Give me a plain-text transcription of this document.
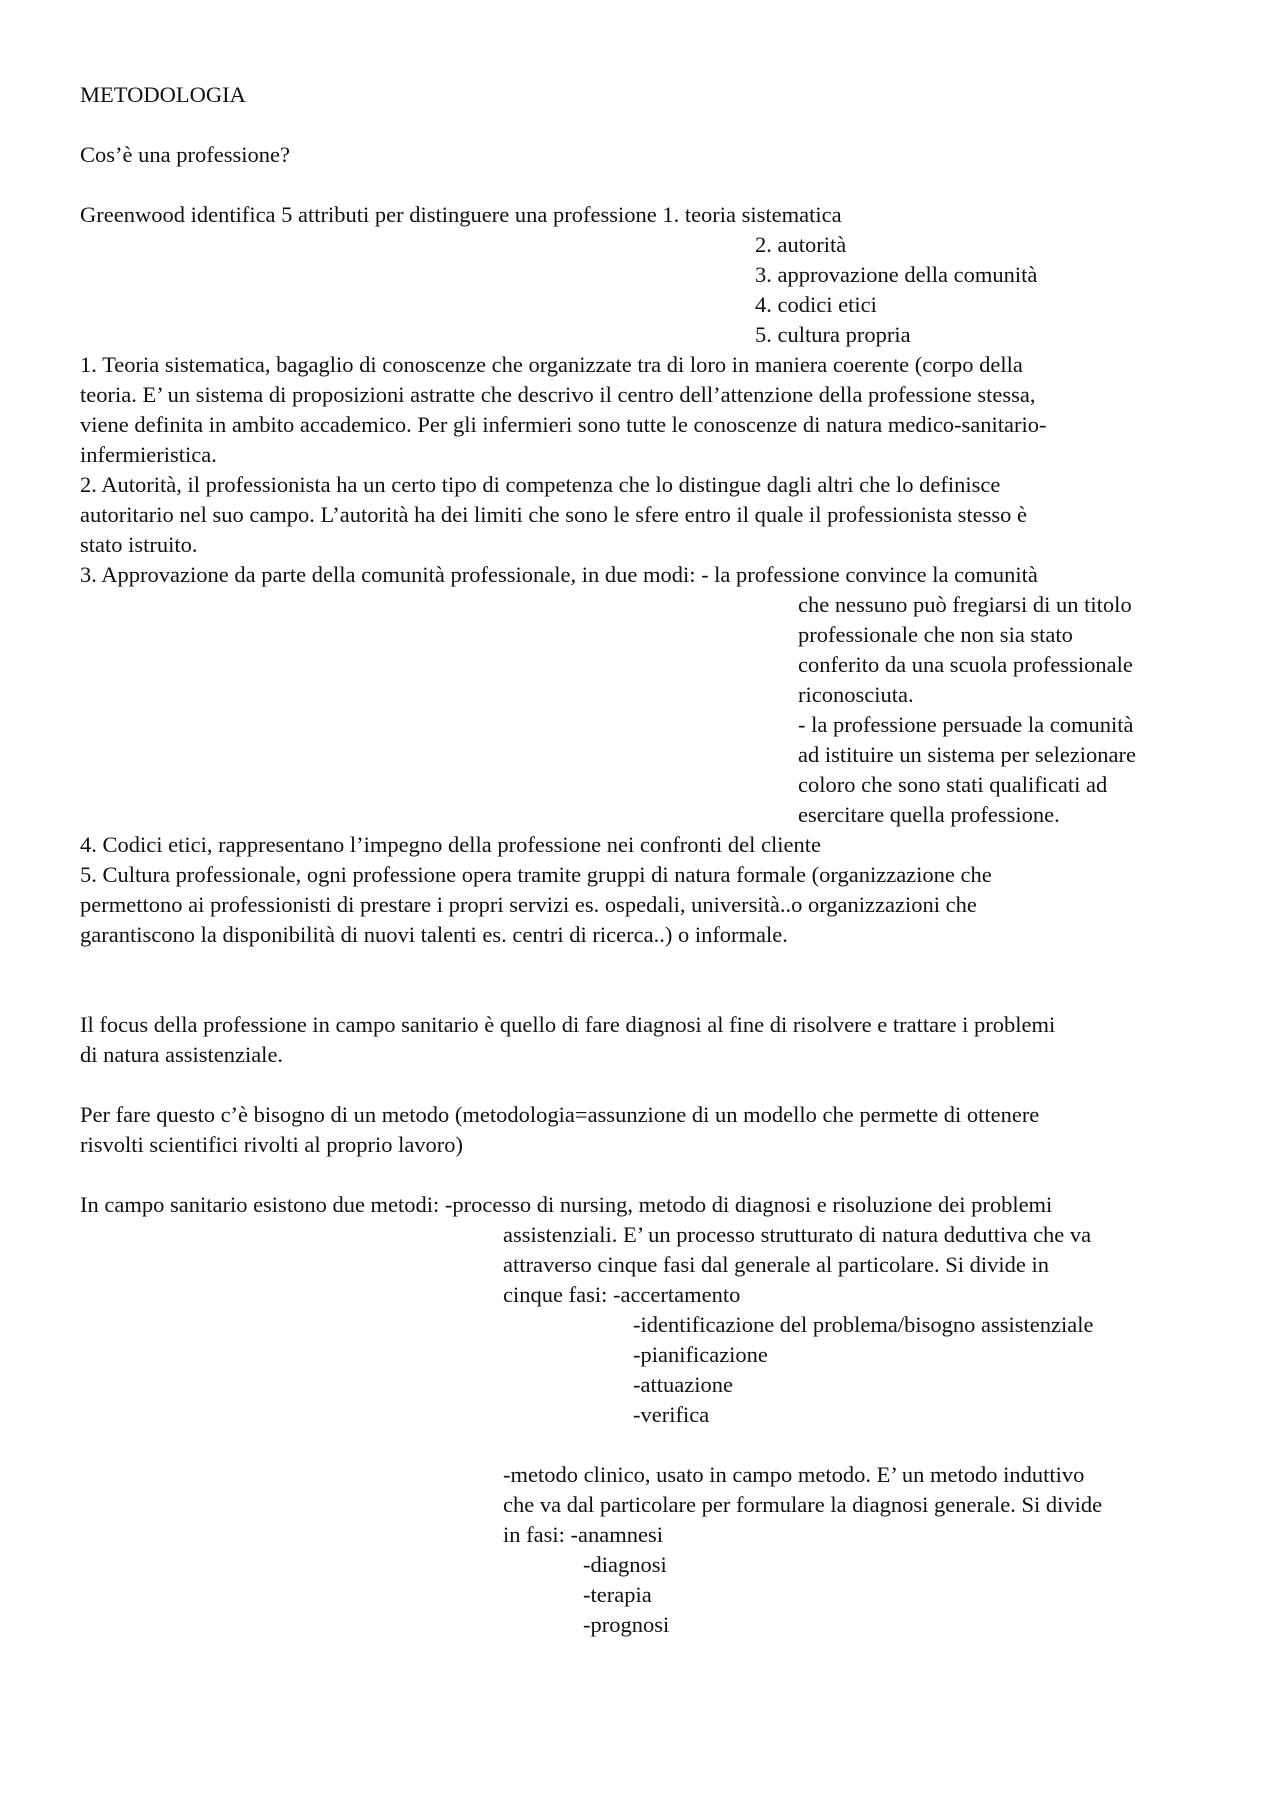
METODOLOGIA

Cos’è una professione?

Greenwood identifica 5 attributi per distinguere una professione 1. teoria sistematica

2. autorità

3. approvazione della comunità

4. codici etici

5. cultura propria

1. Teoria sistematica, bagaglio di conoscenze che organizzate tra di loro in maniera coerente (corpo della

teoria. E’ un sistema di proposizioni astratte che descrivo il centro dell’attenzione della professione stessa,

viene definita in ambito accademico. Per gli infermieri sono tutte le conoscenze di natura medico-sanitario-

infermieristica.

2. Autorità, il professionista ha un certo tipo di competenza che lo distingue dagli altri che lo definisce

autoritario nel suo campo. L’autorità ha dei limiti che sono le sfere entro il quale il professionista stesso è

stato istruito.

3. Approvazione da parte della comunità professionale, in due modi: - la professione convince la comunità

che nessuno può fregiarsi di un titolo

professionale che non sia stato

conferito da una scuola professionale

riconosciuta.

- la professione persuade la comunità

ad istituire un sistema per selezionare

coloro che sono stati qualificati ad

esercitare quella professione.

4. Codici etici, rappresentano l’impegno della professione nei confronti del cliente

5. Cultura professionale, ogni professione opera tramite gruppi di natura formale (organizzazione che

permettono ai professionisti di prestare i propri servizi es. ospedali, università..o organizzazioni che

garantiscono la disponibilità di nuovi talenti es. centri di ricerca..) o informale.

Il focus della professione in campo sanitario è quello di fare diagnosi al fine di risolvere e trattare i problemi

di natura assistenziale.

Per fare questo c’è bisogno di un metodo (metodologia=assunzione di un modello che permette di ottenere

risvolti scientifici rivolti al proprio lavoro)

In campo sanitario esistono due metodi: -processo di nursing, metodo di diagnosi e risoluzione dei problemi

assistenziali. E’ un processo strutturato di natura deduttiva che va

attraverso cinque fasi dal generale al particolare. Si divide in

cinque fasi: -accertamento

-identificazione del problema/bisogno assistenziale

-pianificazione

-attuazione

-verifica

-metodo clinico, usato in campo metodo. E’ un metodo induttivo

che va dal particolare per formulare la diagnosi generale. Si divide

in fasi: -anamnesi

-diagnosi

-terapia

-prognosi
